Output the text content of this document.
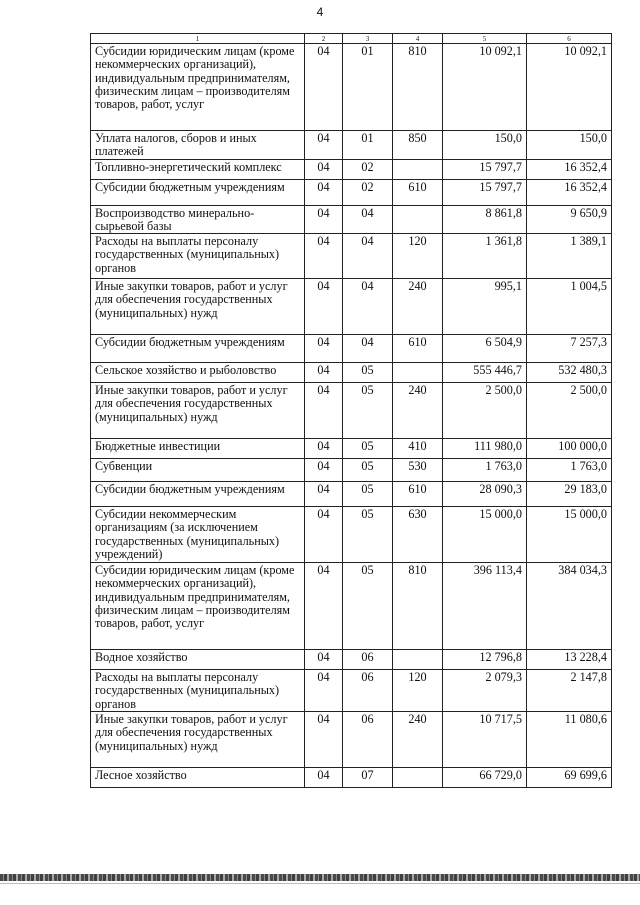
4
1	2	3	4	5	6
Субсидии юридическим лицам (кроме некоммерческих организаций), индивидуальным предпринимателям, физическим лицам – производителям товаров, работ, услуг	04	01	810	10 092,1	10 092,1
Уплата налогов, сборов и иных платежей	04	01	850	150,0	150,0
Топливно-энергетический комплекс	04	02		15 797,7	16 352,4
Субсидии бюджетным учреждениям	04	02	610	15 797,7	16 352,4
Воспроизводство минерально-сырьевой базы	04	04		8 861,8	9 650,9
Расходы на выплаты персоналу государственных (муниципальных) органов	04	04	120	1 361,8	1 389,1
Иные закупки товаров, работ и услуг для обеспечения государственных (муниципальных) нужд	04	04	240	995,1	1 004,5
Субсидии бюджетным учреждениям	04	04	610	6 504,9	7 257,3
Сельское хозяйство и рыболовство	04	05		555 446,7	532 480,3
Иные закупки товаров, работ и услуг для обеспечения государственных (муниципальных) нужд	04	05	240	2 500,0	2 500,0
Бюджетные инвестиции	04	05	410	111 980,0	100 000,0
Субвенции	04	05	530	1 763,0	1 763,0
Субсидии бюджетным учреждениям	04	05	610	28 090,3	29 183,0
Субсидии некоммерческим организациям (за исключением государственных (муниципальных) учреждений)	04	05	630	15 000,0	15 000,0
Субсидии юридическим лицам (кроме некоммерческих организаций), индивидуальным предпринимателям, физическим лицам – производителям товаров, работ, услуг	04	05	810	396 113,4	384 034,3
Водное хозяйство	04	06		12 796,8	13 228,4
Расходы на выплаты персоналу государственных (муниципальных) органов	04	06	120	2 079,3	2 147,8
Иные закупки товаров, работ и услуг для обеспечения государственных (муниципальных) нужд	04	06	240	10 717,5	11 080,6
Лесное хозяйство	04	07		66 729,0	69 699,6
